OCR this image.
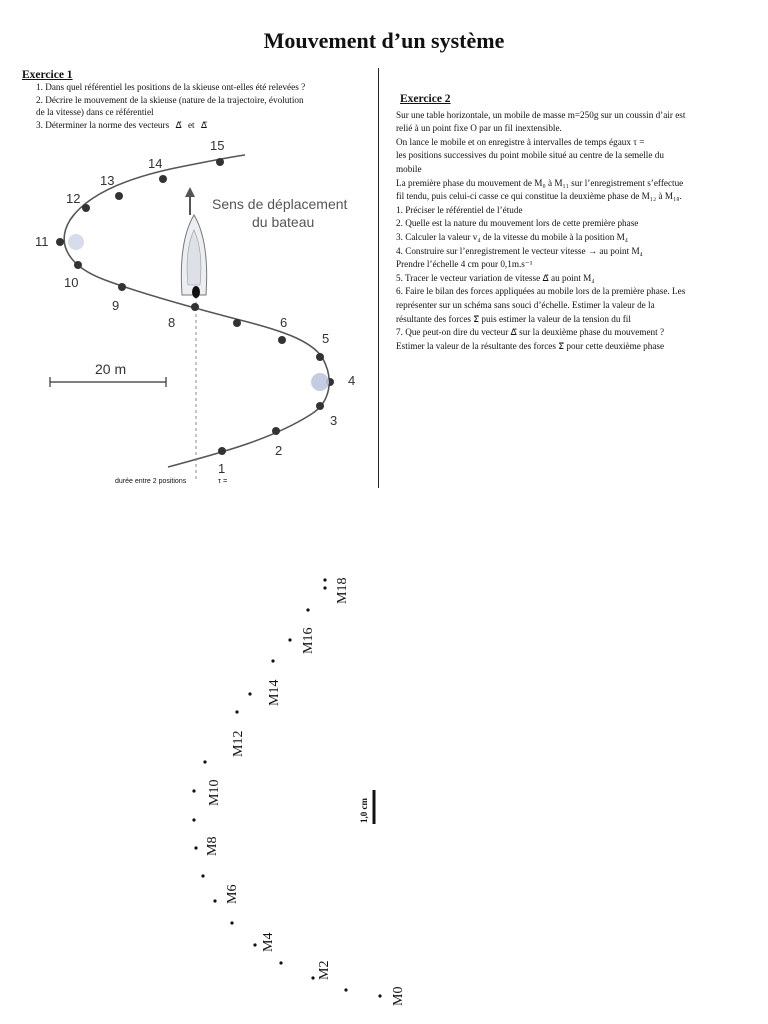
Mouvement d’un système
Exercice 1
1. Dans quel référentiel les positions de la skieuse ont-elles été relevées ?
2. Décrire le mouvement de la skieuse (nature de la trajectoire, évolution
de la vitesse) dans ce référentiel
3. Déterminer la norme des vecteurs Δ⃗ et Δ⃗
1
2
3
4
5
6
8
9
10
11
12
13
14
15
Sens de déplacement
du bateau
20 m
durée entre 2 positions	τ =
Exercice 2

Sur une table horizontale, un mobile de masse m=250g sur un coussin d’air est

relié à un point fixe O par un fil inextensible.

On lance le mobile et on enregistre à intervalles de temps égaux τ =

les positions successives du point mobile situé au centre de la semelle du

mobile

La première phase du mouvement de M₀ à M₁₁ sur l’enregistrement s’effectue

fil tendu, puis celui-ci casse ce qui constitue la deuxième phase de M₁₂ à M₁₈.

1. Préciser le référentiel de l’étude

2. Quelle est la nature du mouvement lors de cette première phase

3. Calculer la valeur v₄ de la vitesse du mobile à la position M₄

4. Construire sur l’enregistrement le vecteur vitesse → au point M₄

Prendre l’échelle 4 cm pour 0,1m.s⁻¹

5. Tracer le vecteur variation de vitesse Δ⃗ au point M₄

6. Faire le bilan des forces appliquées au mobile lors de la première phase. Les

représenter sur un schéma sans souci d’échelle. Estimer la valeur de la

résultante des forces Σ⃗ puis estimer la valeur de la tension du fil

7. Que peut-on dire du vecteur Δ⃗ sur la deuxième phase du mouvement ?

Estimer la valeur de la résultante des forces Σ⃗ pour cette deuxième phase

M0
M2
M4
M6
M8
M10
M12
M14
M16
M18
1,0 cm
